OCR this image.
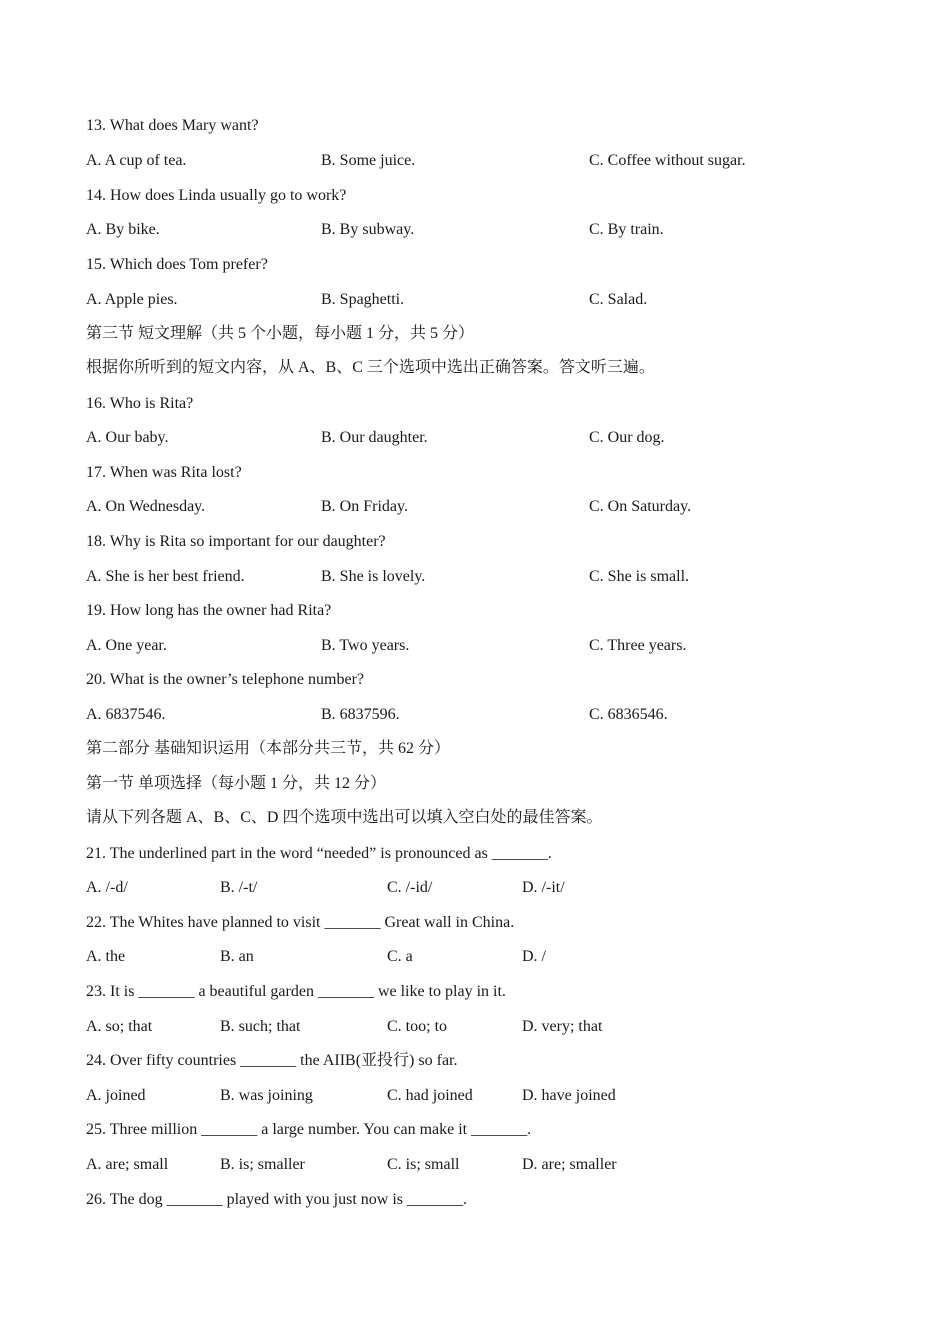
13. What does Mary want?
A. A cup of tea.	B. Some juice.	C. Coffee without sugar.
14. How does Linda usually go to work?
A. By bike.	B. By subway.	C. By train.
15. Which does Tom prefer?
A. Apple pies.	B. Spaghetti.	C. Salad.
第三节 短文理解（共 5 个小题，每小题 1 分，共 5 分）
根据你所听到的短文内容，从 A、B、C 三个选项中选出正确答案。答文听三遍。
16. Who is Rita?
A. Our baby.	B. Our daughter.	C. Our dog.
17. When was Rita lost?
A. On Wednesday.	B. On Friday.	C. On Saturday.
18. Why is Rita so important for our daughter?
A. She is her best friend.	B. She is lovely.	C. She is small.
19. How long has the owner had Rita?
A. One year.	B. Two years.	C. Three years.
20. What is the owner’s telephone number?
A. 6837546.	B. 6837596.	C. 6836546.
第二部分 基础知识运用（本部分共三节，共 62 分）
第一节 单项选择（每小题 1 分，共 12 分）
请从下列各题 A、B、C、D 四个选项中选出可以填入空白处的最佳答案。
21. The underlined part in the word “needed” is pronounced as _______.
A. /-d/	B. /-t/	C. /-id/	D. /-it/
22. The Whites have planned to visit _______ Great wall in China.
A. the	B. an	C. a	D. /
23. It is _______ a beautiful garden _______ we like to play in it.
A. so; that	B. such; that	C. too; to	D. very; that
24. Over fifty countries _______ the AIIB(亚投行) so far.
A. joined	B. was joining	C. had joined	D. have joined
25. Three million _______ a large number. You can make it _______.
A. are; small	B. is; smaller	C. is; small	D. are; smaller
26. The dog _______ played with you just now is _______.
